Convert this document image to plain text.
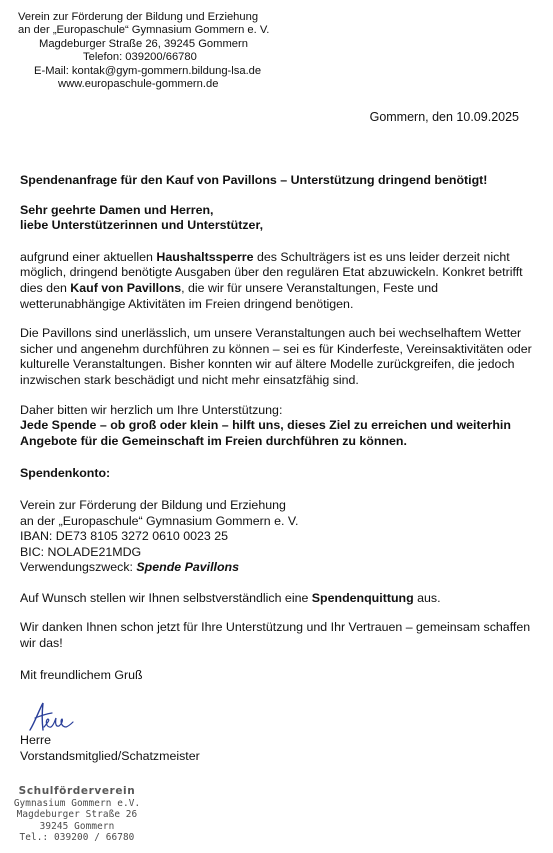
Verein zur Förderung der Bildung und Erziehung
an der „Europaschule“ Gymnasium Gommern e. V.
Magdeburger Straße 26, 39245 Gommern
Telefon: 039200/66780
E-Mail: kontak@gym-gommern.bildung-lsa.de
www.europaschule-gommern.de
Gommern, den 10.09.2025

Spendenanfrage für den Kauf von Pavillons – Unterstützung dringend benötigt!

Sehr geehrte Damen und Herren,
liebe Unterstützerinnen und Unterstützer,

aufgrund einer aktuellen Haushaltssperre des Schulträgers ist es uns leider derzeit nicht möglich, dringend benötigte Ausgaben über den regulären Etat abzuwickeln. Konkret betrifft dies den Kauf von Pavillons, die wir für unsere Veranstaltungen, Feste und wetterunabhängige Aktivitäten im Freien dringend benötigen.

Die Pavillons sind unerlässlich, um unsere Veranstaltungen auch bei wechselhaftem Wetter sicher und angenehm durchführen zu können – sei es für Kinderfeste, Vereinsaktivitäten oder kulturelle Veranstaltungen. Bisher konnten wir auf ältere Modelle zurückgreifen, die jedoch inzwischen stark beschädigt und nicht mehr einsatzfähig sind.

Daher bitten wir herzlich um Ihre Unterstützung:
Jede Spende – ob groß oder klein – hilft uns, dieses Ziel zu erreichen und weiterhin Angebote für die Gemeinschaft im Freien durchführen zu können.

Spendenkonto:

Verein zur Förderung der Bildung und Erziehung
an der „Europaschule“ Gymnasium Gommern e. V.
IBAN: DE73 8105 3272 0610 0023 25
BIC: NOLADE21MDG
Verwendungszweck: Spende Pavillons

Auf Wunsch stellen wir Ihnen selbstverständlich eine Spendenquittung aus.

Wir danken Ihnen schon jetzt für Ihre Unterstützung und Ihr Vertrauen – gemeinsam schaffen wir das!

Mit freundlichem Gruß

Herre
Vorstandsmitglied/Schatzmeister
Schulförderverein
Gymnasium Gommern e.V.
Magdeburger Straße 26
39245 Gommern
Tel.: 039200 / 66780
